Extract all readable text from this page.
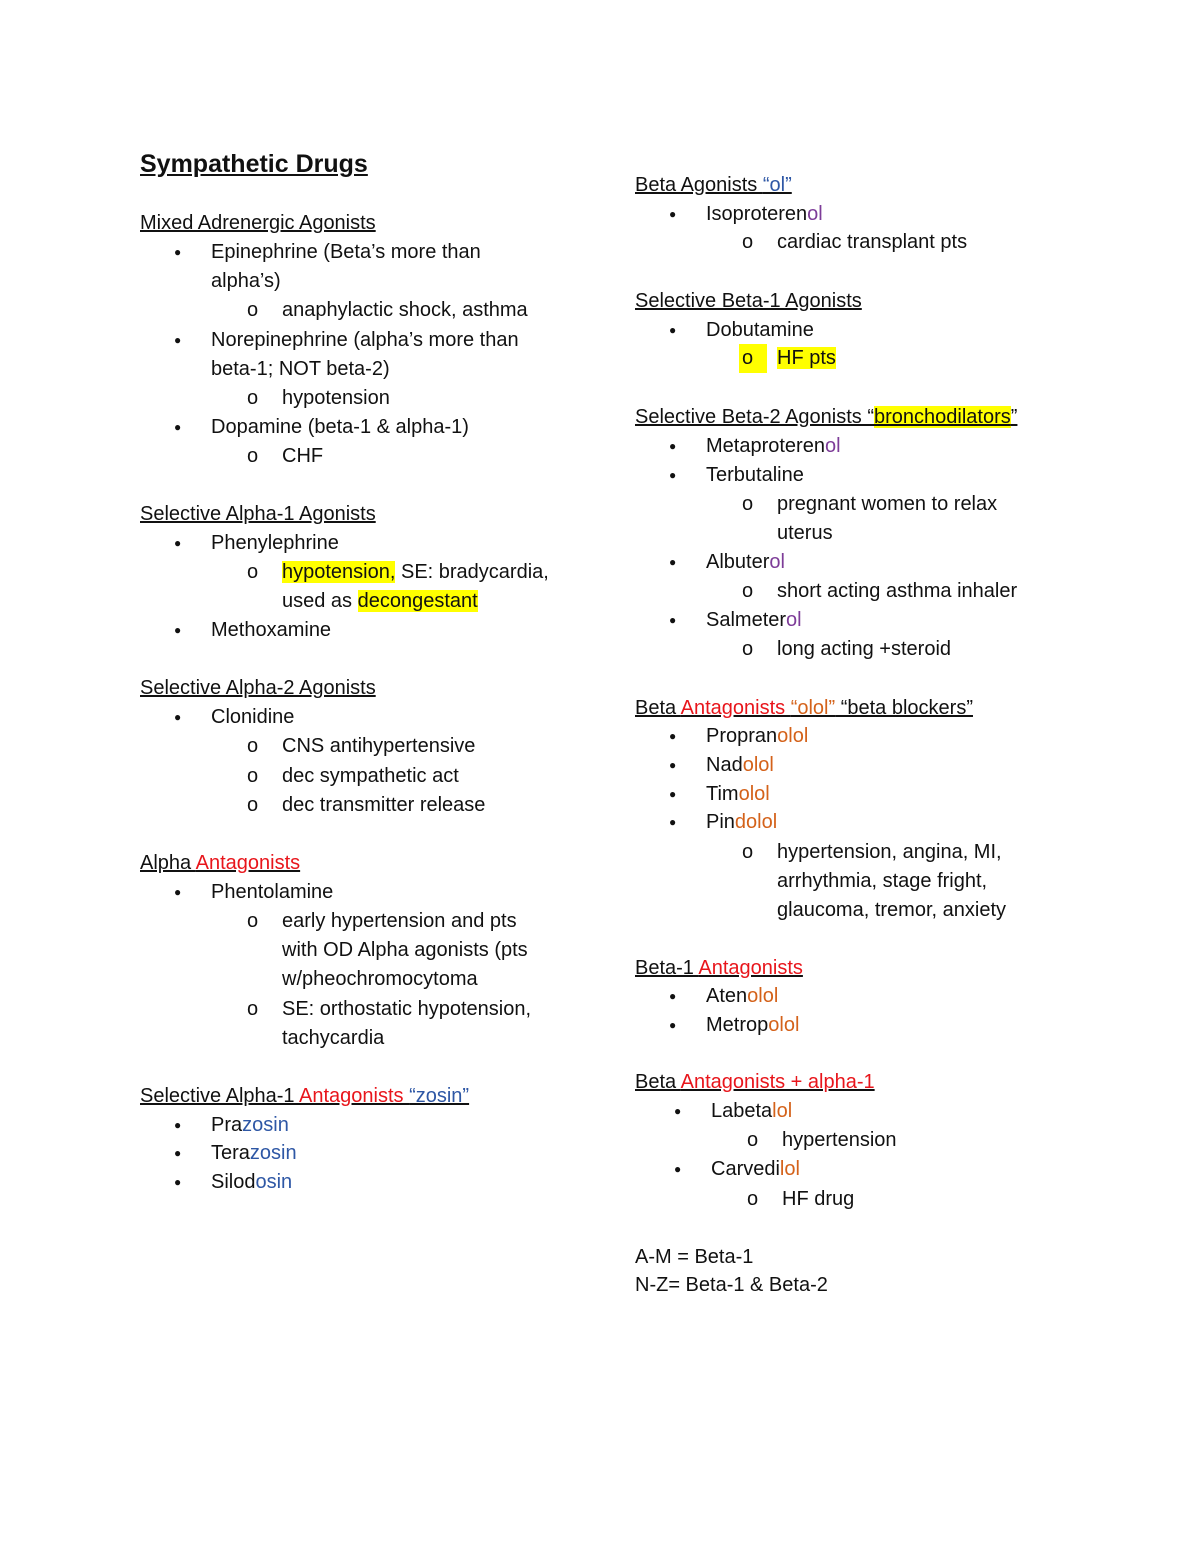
Sympathetic Drugs
Mixed Adrenergic Agonists
● Epinephrine (Beta’s more than
alpha’s)
o anaphylactic shock, asthma
● Norepinephrine (alpha’s more than
beta-1; NOT beta-2)
o hypotension
● Dopamine (beta-1 & alpha-1)
o CHF
Selective Alpha-1 Agonists
● Phenylephrine
o hypotension, SE: bradycardia,
used as decongestant
● Methoxamine
Selective Alpha-2 Agonists
● Clonidine
o CNS antihypertensive
o dec sympathetic act
o dec transmitter release
Alpha Antagonists
● Phentolamine
o early hypertension and pts
with OD Alpha agonists (pts
w/pheochromocytoma
o SE: orthostatic hypotension,
tachycardia
Selective Alpha-1 Antagonists “zosin”
● Prazosin
● Terazosin
● Silodosin
Beta Agonists “ol”
● Isoproterenol
o cardiac transplant pts
Selective Beta-1 Agonists
● Dobutamine
o	HF pts
Selective Beta-2 Agonists “bronchodilators”
● Metaproterenol
● Terbutaline
o pregnant women to relax
uterus
● Albuterol
o short acting asthma inhaler
● Salmeterol
o long acting +steroid
Beta Antagonists “olol” “beta blockers”
● Propranolol
● Nadolol
● Timolol
● Pindolol
o hypertension, angina, MI,
arrhythmia, stage fright,
glaucoma, tremor, anxiety
Beta-1 Antagonists
● Atenolol
● Metropolol
Beta Antagonists + alpha-1
● Labetalol
o hypertension
● Carvedilol
o HF drug
A-M = Beta-1
N-Z= Beta-1 & Beta-2
